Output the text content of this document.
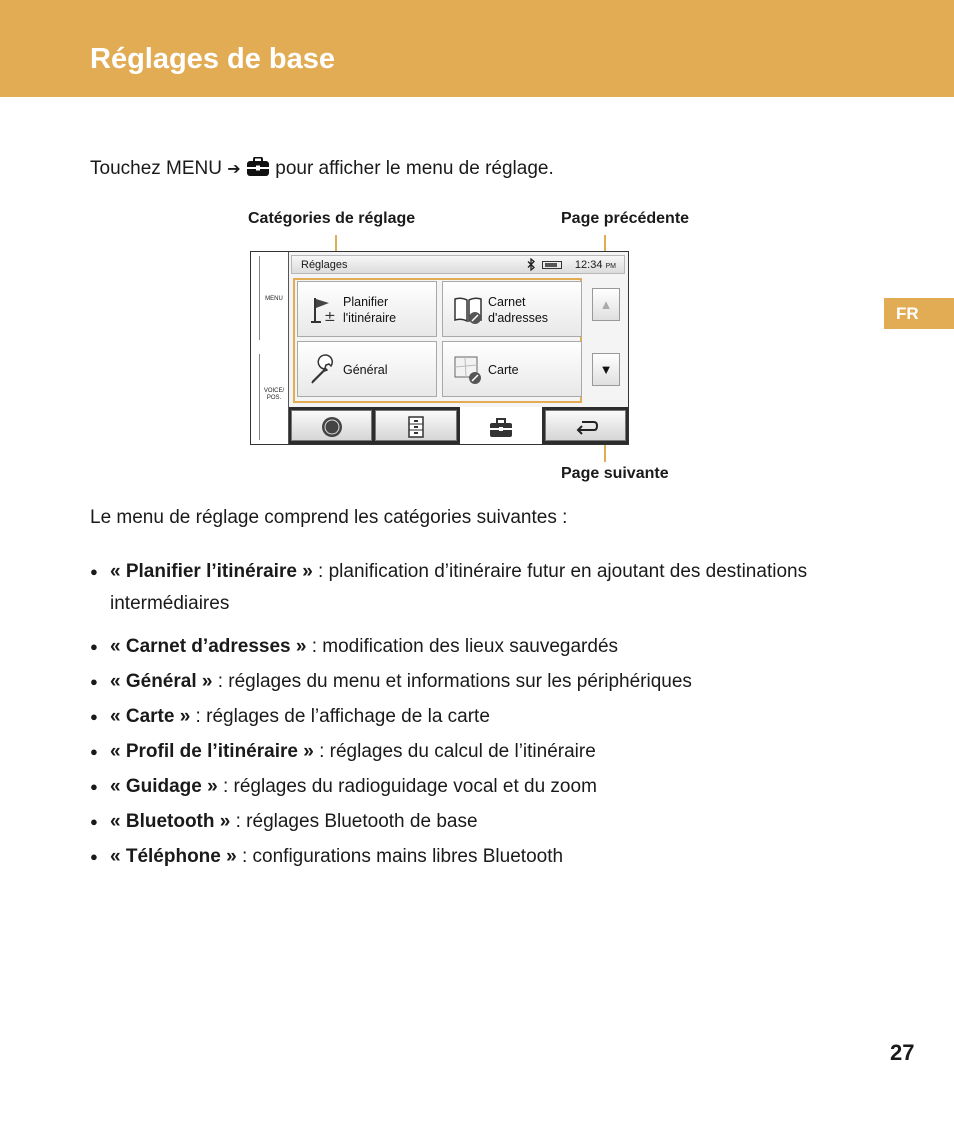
Réglages de base
FR
Touchez MENU ➔ pour afficher le menu de réglage.
Catégories de réglage	Page précédente
Page suivante
MENU
VOICE/ POS.
Réglages	12:34 PM
±
Planifier
l'itinéraire
Carnet
d'adresses
Général	Carte
▲
▼
Le menu de réglage comprend les catégories suivantes :
● « Planifier l’itinéraire » : planification d’itinéraire futur en ajoutant des destinations intermédiaires
● « Carnet d’adresses » : modification des lieux sauvegardés
● « Général » : réglages du menu et informations sur les périphériques
● « Carte » : réglages de l’affichage de la carte
● « Profil de l’itinéraire » : réglages du calcul de l’itinéraire
● « Guidage » : réglages du radioguidage vocal et du zoom
● « Bluetooth » : réglages Bluetooth de base
● « Téléphone » : configurations mains libres Bluetooth
27
